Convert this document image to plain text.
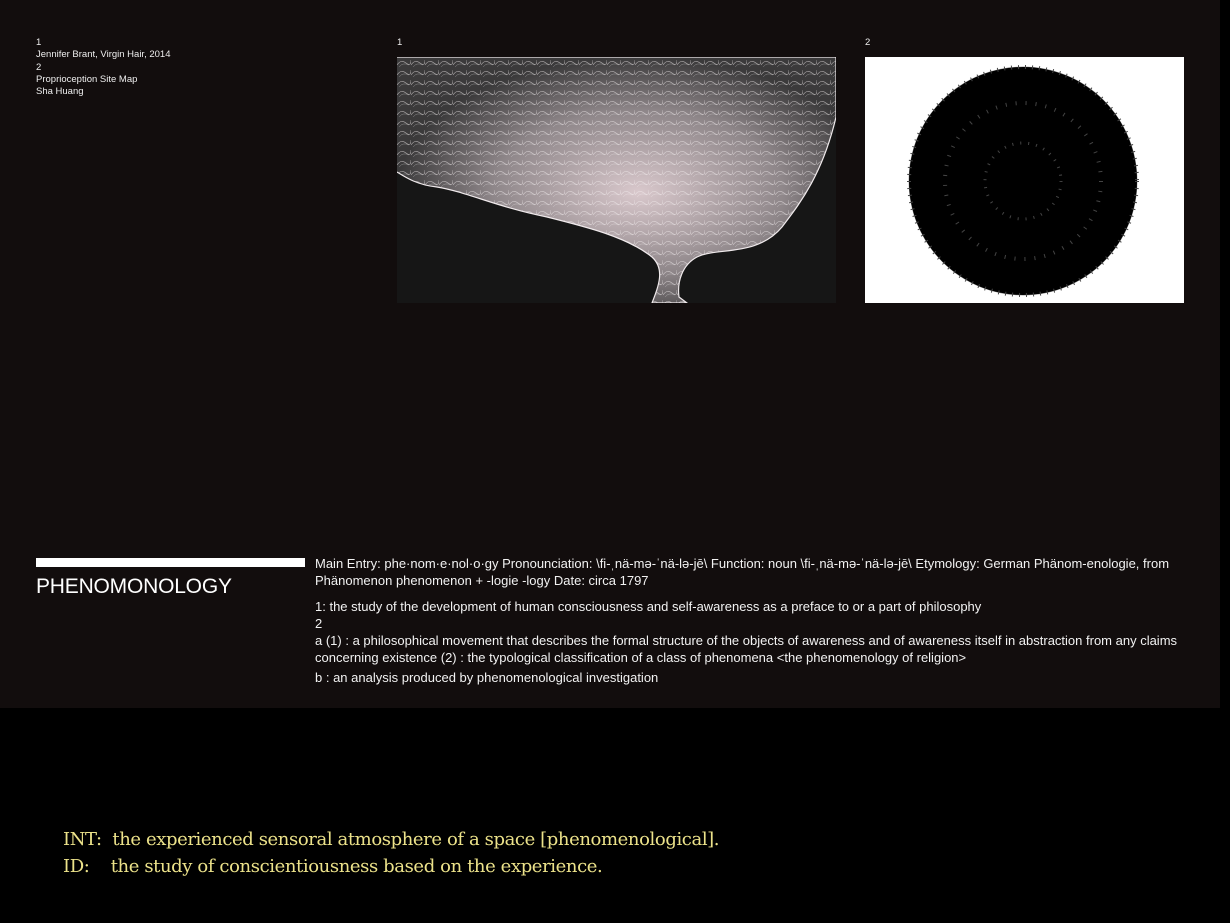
1
Jennifer Brant, Virgin Hair, 2014
2
Proprioception Site Map
Sha Huang
1	2
PHENOMONOLOGY

Main Entry: phe·nom·e·nol·o·gy Pronounciation: \fi-ˌnä-mə-ˈnä-lə-jē\ Function: noun \fi-ˌnä-mə-ˈnä-lə-jē\ Etymology: German Phänom-enologie, from Phänomenon phenomenon + -logie -logy Date: circa 1797

1: the study of the development of human consciousness and self-awareness as a preface to or a part of philosophy

2

a (1) : a philosophical movement that describes the formal structure of the objects of awareness and of awareness itself in abstraction from any claims concerning existence (2) : the typological classification of a class of phenomena <the phenomenology of religion>

b : an analysis produced by phenomenological investigation

INT: the experienced sensoral atmosphere of a space [phenomenological].
ID: the study of conscientiousness based on the experience.
